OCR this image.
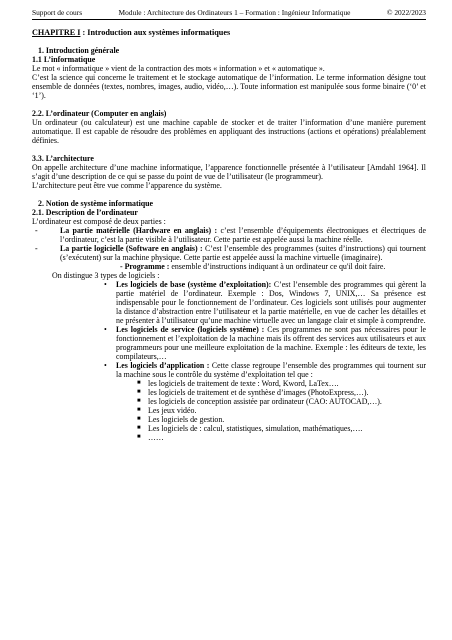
Support de cours	Module : Architecture des Ordinateurs 1 – Formation : Ingénieur Informatique	© 2022/2023
CHAPITRE I : Introduction aux systèmes informatiques
1. Introduction générale
1.1 L’informatique

Le mot « informatique » vient de la contraction des mots « information » et « automatique ».

C’est la science qui concerne le traitement et le stockage automatique de l’information. Le terme information désigne tout ensemble de données (textes, nombres, images, audio, vidéo,…). Toute information est manipulée sous forme binaire (‘0’ et ‘1’).

2.2. L’ordinateur (Computer en anglais)

Un ordinateur (ou calculateur) est une machine capable de stocker et de traiter l’information d’une manière purement automatique. Il est capable de résoudre des problèmes en appliquant des instructions (actions et opérations) préalablement définies.

3.3. L’architecture

On appelle architecture d’une machine informatique, l’apparence fonctionnelle présentée à l’utilisateur [Amdahl 1964]. Il s’agit d’une description de ce qui se passe du point de vue de l’utilisateur (le programmeur).

L’architecture peut être vue comme l’apparence du système.

2. Notion de système informatique
2.1. Description de l’ordinateur

L’ordinateur est composé de deux parties :

-	La partie matérielle (Hardware en anglais) : c’est l’ensemble d’équipements électroniques et électriques de l’ordinateur, c’est la partie visible à l’utilisateur. Cette partie est appelée aussi la machine réelle.
-	La partie logicielle (Software en anglais) : C’est l’ensemble des programmes (suites d’instructions) qui tournent (s’exécutent) sur la machine physique. Cette partie est appelée aussi la machine virtuelle (imaginaire).
- Programme : ensemble d’instructions indiquant à un ordinateur ce qu'il doit faire.
On distingue 3 types de logiciels :
•	Les logiciels de base (système d’exploitation): C’est l’ensemble des programmes qui gèrent la partie matériel de l’ordinateur. Exemple : Dos, Windows 7, UNIX,… Sa présence est indispensable pour le fonctionnement de l’ordinateur. Ces logiciels sont utilisés pour augmenter la distance d’abstraction entre l’utilisateur et la partie matérielle, en vue de cacher les détailles et ne présenter à l’utilisateur qu’une machine virtuelle avec un langage clair et simple à comprendre.
•	Les logiciels de service (logiciels système) : Ces programmes ne sont pas nécessaires pour le fonctionnement et l’exploitation de la machine mais ils offrent des services aux utilisateurs et aux programmeurs pour une meilleure exploitation de la machine. Exemple : les éditeurs de texte, les compilateurs,…
•	Les logiciels d’application : Cette classe regroupe l’ensemble des programmes qui tournent sur la machine sous le contrôle du système d’exploitation tel que :
■ les logiciels de traitement de texte : Word, Kword, LaTex….
■ les logiciels de traitement et de synthèse d’images (PhotoExpress,…).
■ les logiciels de conception assistée par ordinateur (CAO: AUTOCAD,…).
■ Les jeux vidéo.
■ Les logiciels de gestion.
■ Les logiciels de : calcul, statistiques, simulation, mathématiques,….
■ ……
